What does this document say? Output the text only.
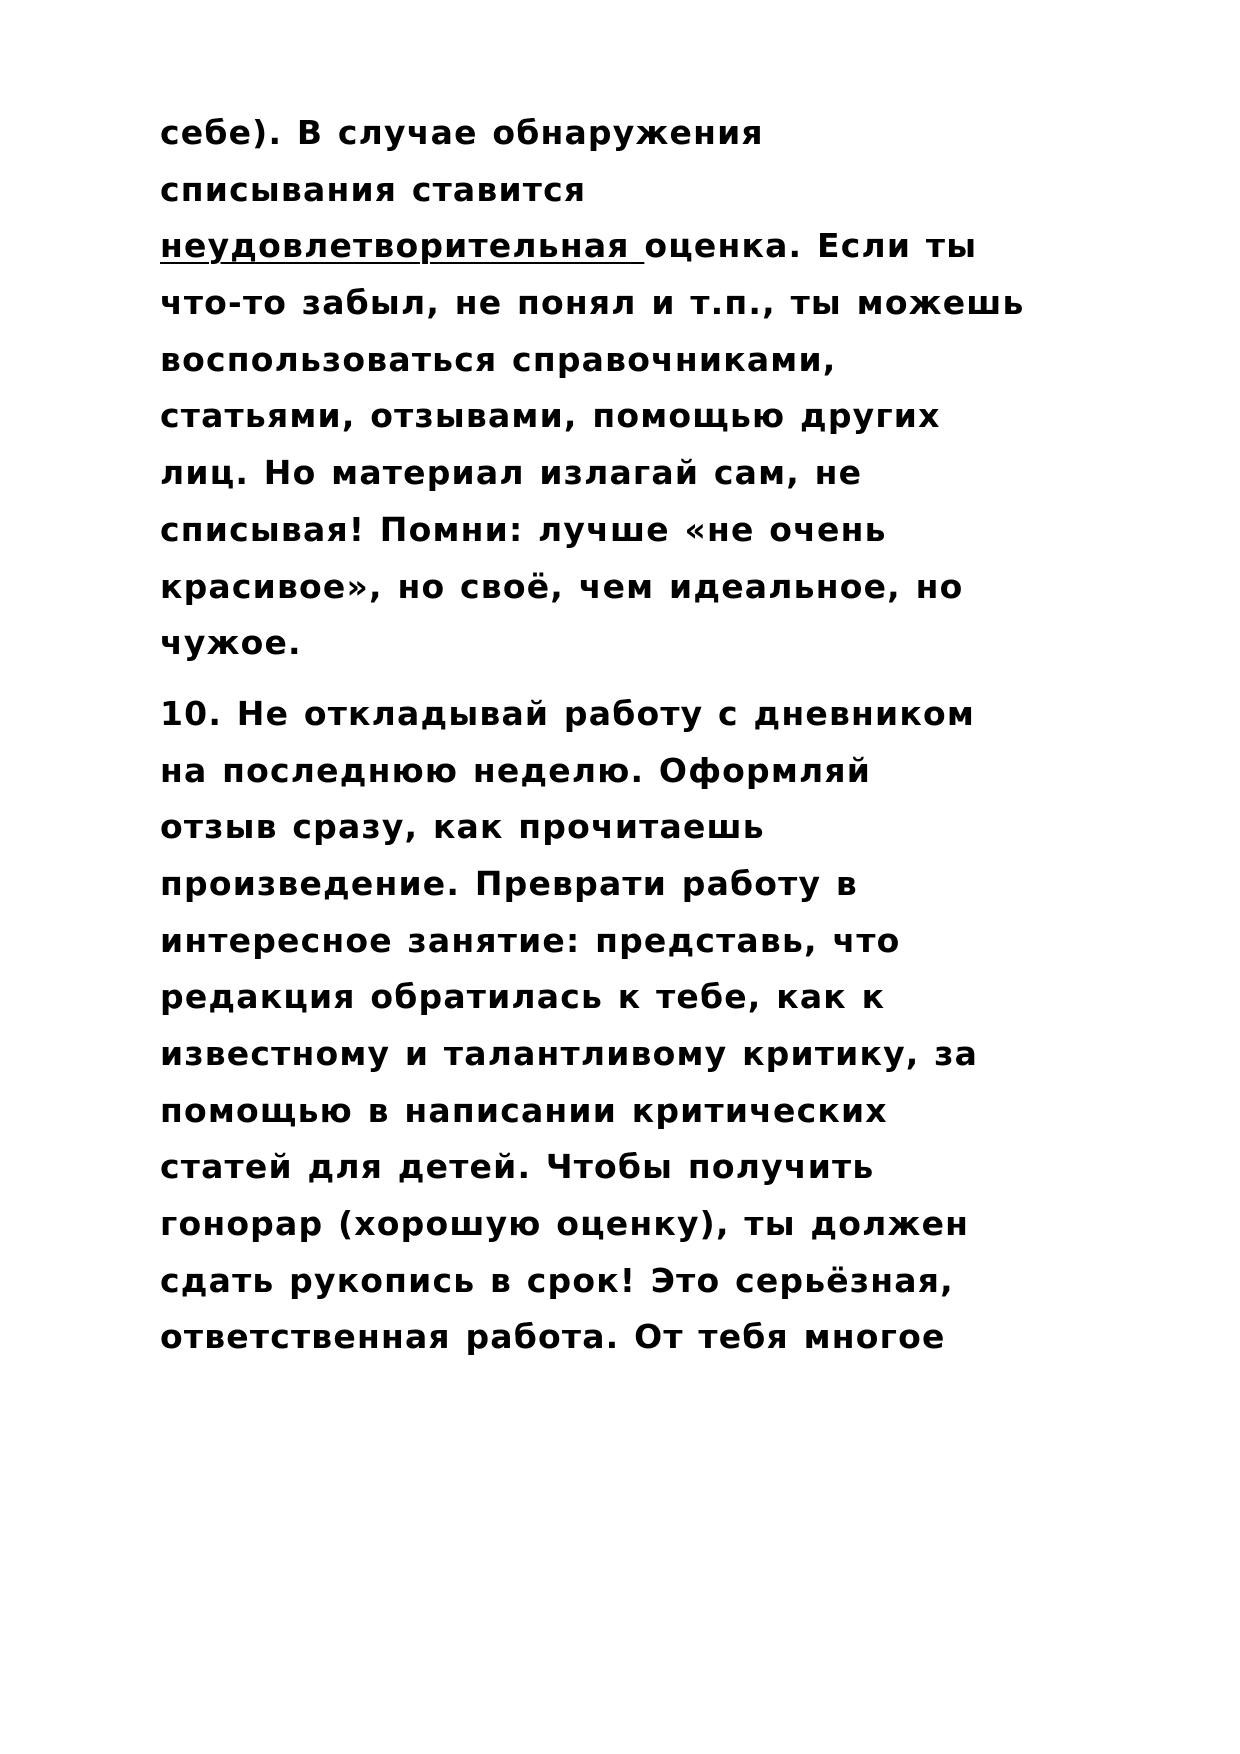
себе). В случае обнаружения
списывания ставится
неудовлетворительная оценка. Если ты
что-то забыл, не понял и т.п., ты можешь
воспользоваться справочниками,
статьями, отзывами, помощью других
лиц. Но материал излагай сам, не
списывая! Помни: лучше «не очень
красивое», но своё, чем идеальное, но
чужое.
10. Не откладывай работу с дневником
на последнюю неделю. Оформляй
отзыв сразу, как прочитаешь
произведение. Преврати работу в
интересное занятие: представь, что
редакция обратилась к тебе, как к
известному и талантливому критику, за
помощью в написании критических
статей для детей. Чтобы получить
гонорар (хорошую оценку), ты должен
сдать рукопись в срок! Это серьёзная,
ответственная работа. От тебя многое
